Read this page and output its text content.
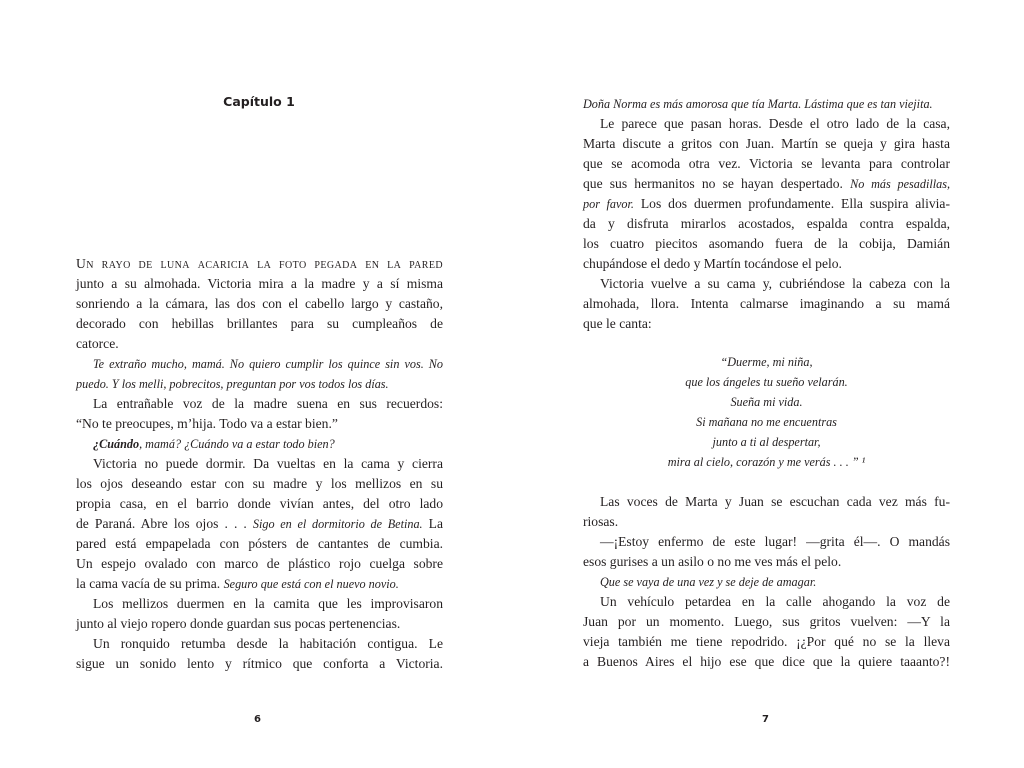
Capítulo 1
Un rayo de luna acaricia la foto pegada en la pared
junto a su almohada. Victoria mira a la madre y a sí misma
sonriendo a la cámara, las dos con el cabello largo y castaño,
decorado con hebillas brillantes para su cumpleaños de
catorce.
Te extraño mucho, mamá. No quiero cumplir los quince sin vos. No
puedo. Y los melli, pobrecitos, preguntan por vos todos los días.
La entrañable voz de la madre suena en sus recuerdos:
“No te preocupes, m’hija. Todo va a estar bien.”
¿Cuándo, mamá? ¿Cuándo va a estar todo bien?
Victoria no puede dormir. Da vueltas en la cama y cierra
los ojos deseando estar con su madre y los mellizos en su
propia casa, en el barrio donde vivían antes, del otro lado
de Paraná. Abre los ojos . . . Sigo en el dormitorio de Betina. La
pared está empapelada con pósters de cantantes de cumbia.
Un espejo ovalado con marco de plástico rojo cuelga sobre
la cama vacía de su prima. Seguro que está con el nuevo novio.
Los mellizos duermen en la camita que les improvisaron
junto al viejo ropero donde guardan sus pocas pertenencias.
Un ronquido retumba desde la habitación contigua. Le
sigue un sonido lento y rítmico que conforta a Victoria.
6
Doña Norma es más amorosa que tía Marta. Lástima que es tan viejita.
Le parece que pasan horas. Desde el otro lado de la casa,
Marta discute a gritos con Juan. Martín se queja y gira hasta
que se acomoda otra vez. Victoria se levanta para controlar
que sus hermanitos no se hayan despertado. No más pesadillas,
por favor. Los dos duermen profundamente. Ella suspira alivia-
da y disfruta mirarlos acostados, espalda contra espalda,
los cuatro piecitos asomando fuera de la cobija, Damián
chupándose el dedo y Martín tocándose el pelo.
Victoria vuelve a su cama y, cubriéndose la cabeza con la
almohada, llora. Intenta calmarse imaginando a su mamá
que le canta:
“Duerme, mi niña,
que los ángeles tu sueño velarán.
Sueña mi vida.
Si mañana no me encuentras
junto a ti al despertar,
mira al cielo, corazón y me verás . . . ” ¹
Las voces de Marta y Juan se escuchan cada vez más fu-
riosas.
—¡Estoy enfermo de este lugar! —grita él—. O mandás
esos gurises a un asilo o no me ves más el pelo.
Que se vaya de una vez y se deje de amagar.
Un vehículo petardea en la calle ahogando la voz de
Juan por un momento. Luego, sus gritos vuelven: —Y la
vieja también me tiene repodrido. ¡¿Por qué no se la lleva
a Buenos Aires el hijo ese que dice que la quiere taaanto?!
7
